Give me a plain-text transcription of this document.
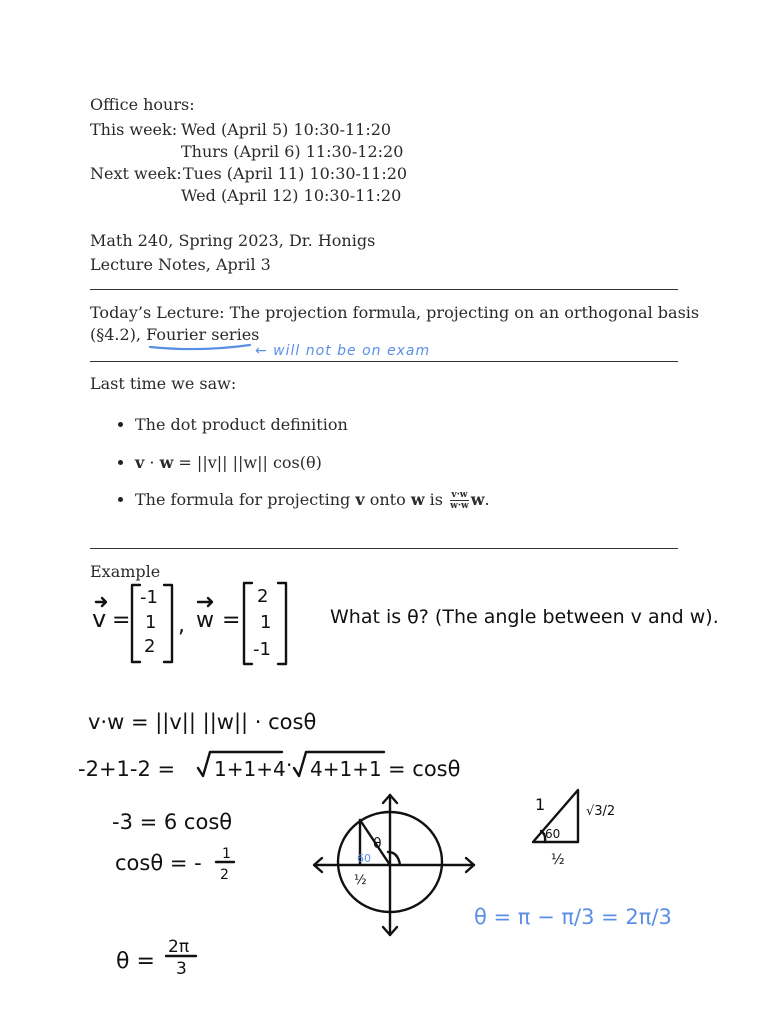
Office hours:
This week: Wed (April 5) 10:30-11:20
Thurs (April 6) 11:30-12:20
Next week: Tues (April 11) 10:30-11:20
Wed (April 12) 10:30-11:20
Math 240, Spring 2023, Dr. Honigs
Lecture Notes, April 3
Today’s Lecture: The projection formula, projecting on an orthogonal basis
(§4.2), Fourier series
← will not be on exam
Last time we saw:
The dot product definition
v · w = ||v|| ||w|| cos(θ)
The formula for projecting v onto w is $\frac{v\cdot w}{w\cdot w} w$.
Example
v =
-1
1
2
, w =
2
1
-1
What is θ? (The angle between v and w).
v·w = ||v|| ||w|| · cosθ
-2+1-2 = 1+1+4 · 4+1+1 = cosθ
-3 = 6 cosθ
cosθ = - 1
2
θ =
2π
3
θ
60
½
1
60
√3/2
½
θ = π − π/3 = 2π/3
